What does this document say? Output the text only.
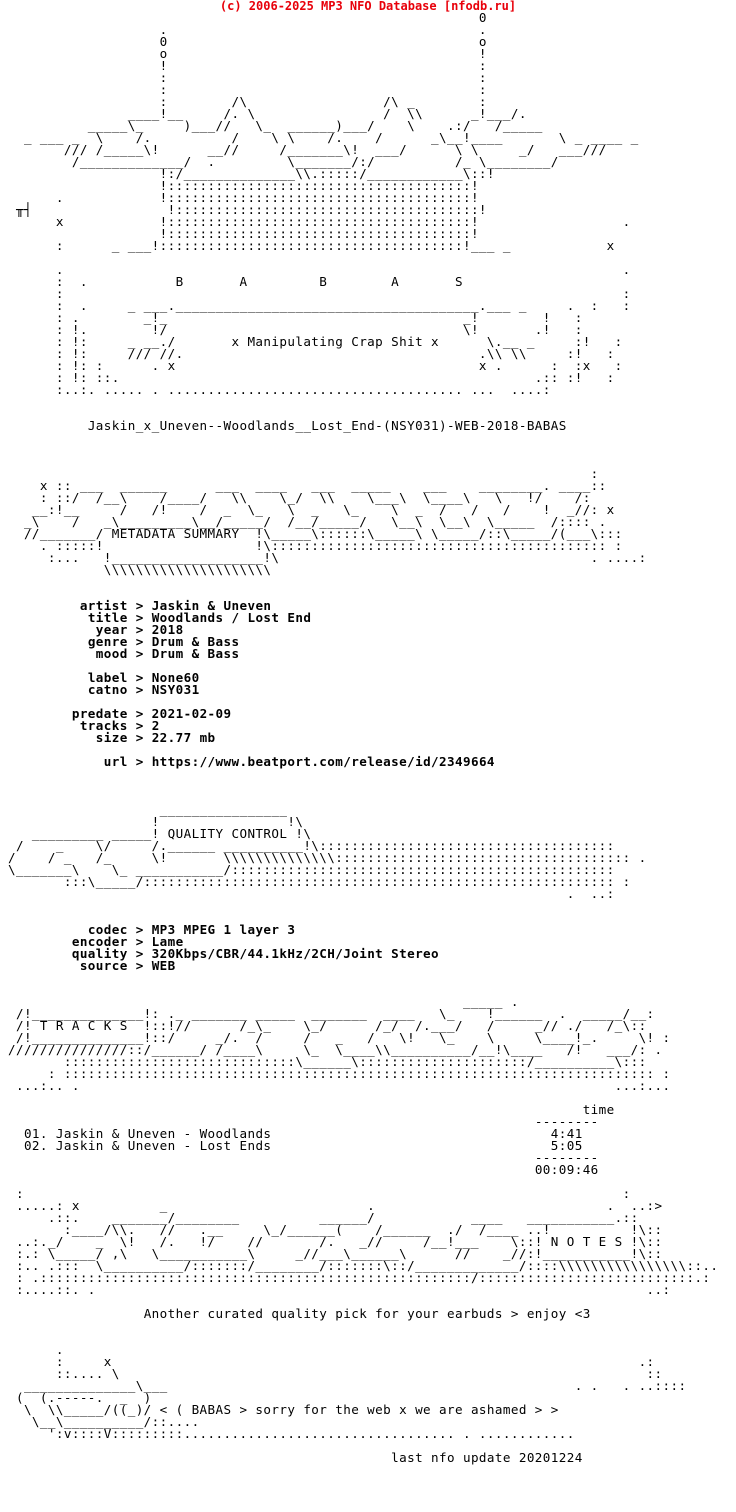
(c) 2006-2025 MP3 NFO Database [nfodb.ru]
0
.                                       .
0                                       o
o                                       !
!                                       :
:                                       :
:                                       :
:        /\                 /\ _        :
____!__     /. \                /  \\      _!___/.
_____\_     )___//   \_  ______)___/    \    .:/   /_____
_ ___ _  \    /.          /    \ \    /.    /      _\__!____       \ _ ____ _
/// /_____\!      __//     /_______\!  ___/      \ \     _/   ___///
/_____________/  .         \_______/:/          /_ \________/
!:/______________\\.:::::/____________\::!
!::::::::::::::::::::::::::::::::::::::!
.            !::::::::::::::::::::::::::::::::::::::!
╥┤                 !::::::::::::::::::::::::::::::::::::::!
x            !::::::::::::::::::::::::::::::::::::::!                  .
!::::::::::::::::::::::::::::::::::::::!
:      _ ___!::::::::::::::::::::::::::::::::::::::!___ _            x

.                                                                      .
:  .           B       A         B        A       S
:                                                                      :
:  .     _ ___.______________________________________.___ _     .  :   :
: .        _!_                                     _!        !   :
: !.        !/                                     \!       .!   :
: !:     _ __./       x Manipulating Crap Shit x      \.__ _     :!   :
: !:     /// //.                                     .\\ \\     :!   :
: !: :      . x                                      x .      :  :x   :
: !: ::.                                                    .:: :!   :
:..:. ..... . ..................................... ...  ....:

Jaskin_x_Uneven--Woodlands__Lost_End-(NSY031)-WEB-2018-BABAS

:
x :: ___  ______      ___  ____   ___  _____    ___    ________. ____::
: ::/  /__\    /____/   \\    \_/  \\    \___\  \____\   \   !/    /:
__:!__     /   /!    /  _  \_   \  _   \_    \  _  /   /   /    !  _//: x
_\    /   _\_________\__/_____/  /__/_____/   \__\  \__\  \_____  /:::: .
//_______/ METADATA SUMMARY  !\_____\::::::\_____\ \_____/::\_____/(___\:::
. :::::!                   !\:::::::::::::::::::::::::::::::::::::::::: :
:...   !___________________!\                                       . ....:
\\\\\\\\\\\\\\\\\\\\\

artist > Jaskin & Uneven
title > Woodlands / Lost End
year > 2018
genre > Drum & Bass
mood > Drum & Bass

label > None60
catno > NSY031

predate > 2021-02-09
tracks > 2
size > 22.77 mb

url > https://www.beatport.com/release/id/2349664

________________
!                !\
_________ _____! QUALITY CONTROL !\
/    _    \/     /.______ __________!\:::::::::::::::::::::::::::::::::::::
/    / _   /_     \!       \\\\\\\\\\\\\\::::::::::::::::::::::::::::::::::::: .
\_______\    \_ ___________/::::::::::::::::::::::::::::::::::::::::::::::::
:::\_____/::::::::::::::::::::::::::::::::::::::::::::::::::::::::::: :
.  ..:

codec > MP3 MPEG 1 layer 3
encoder > Lame
quality > 320Kbps/CBR/44.1kHz/2CH/Joint Stereo
source > WEB

_____ .
/!______________!: ._ _______ _____  _______  ____   \_    !______  .  _____/__:
/! T R A C K S  !::!//      /_\_    \_/      /_/  /.___/   /     _// ./   /_\::
/!______________!::/     _/.  /     /   _   /   \!   \_    \     \____!_.     \! :
///////////////::/______/ /____\     \_  \____\\__________/__!\____   /!   ___/: .
:::::::::::::::::::::::::::::\______\:::::::::::::::::::::/__________\:::
: :::::::::::::::::::::::::::::::::::::::::::::::::::::::::::::::::::::::::: :
...:.. .                                                                   ...:...

time
--------
01. Jaskin & Uneven - Woodlands	4:41
02. Jaskin & Uneven - Lost Ends	5:05
--------
00:09:46

:                                                                           :
.....: x          _                         .                             .  ..:>
.::.    _______/________          ______/            ____   ___________.::
:____/\\.   //   .__     \_/______(    /______  ./  /____ ..!          !\::
..:._/    _  \!   /.   !/    //       /.   _//     /__!___    \::! N O T E S !\::
:.: \_____/ ,\   \___________\     _//___\______\      //    _//:!___________!\::
:.. .:::  \__________/:::::::/________/:::::::\::/_____________/::::\\\\\\\\\\\\\\\\::..
: .::::::::::::::::::::::::::::::::::::::::::::::::::::::/:::::::::::::::::::::::::::.:
:....::. .                                                                     ..:

Another curated quality pick for your earbuds > enjoy <3

.
:     x                                                                  .:
::.... \                                                                  ::
______________\___                                                   . .   . ..::::
(  (.-----.  _  )
\  \\_____/((_)/ < ( BABAS > sorry for the web x we are ashamed > >
\__\__________/::....
':v::::V:::::::::.................................. . ............

last nfo update 20201224
